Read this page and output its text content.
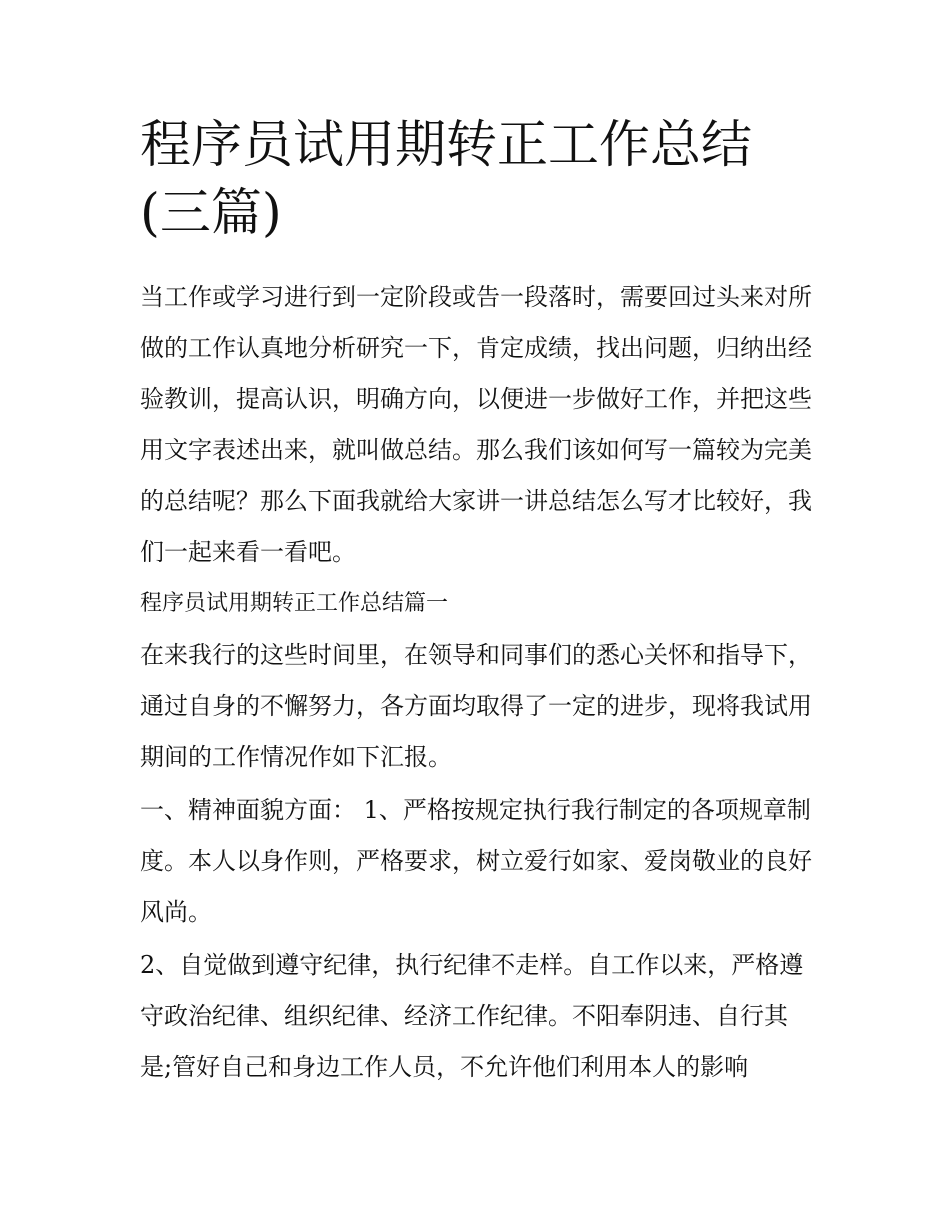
程序员试用期转正工作总结(三篇)

当工作或学习进行到一定阶段或告一段落时，需要回过头来对所做的工作认真地分析研究一下，肯定成绩，找出问题，归纳出经验教训，提高认识，明确方向，以便进一步做好工作，并把这些用文字表述出来，就叫做总结。那么我们该如何写一篇较为完美的总结呢？那么下面我就给大家讲一讲总结怎么写才比较好，我们一起来看一看吧。

程序员试用期转正工作总结篇一

在来我行的这些时间里，在领导和同事们的悉心关怀和指导下，通过自身的不懈努力，各方面均取得了一定的进步，现将我试用期间的工作情况作如下汇报。

一、精神面貌方面： 1、严格按规定执行我行制定的各项规章制度。本人以身作则，严格要求，树立爱行如家、爱岗敬业的良好风尚。

2、自觉做到遵守纪律，执行纪律不走样。自工作以来，严格遵守政治纪律、组织纪律、经济工作纪律。不阳奉阴违、自行其是;管好自己和身边工作人员，不允许他们利用本人的影响
